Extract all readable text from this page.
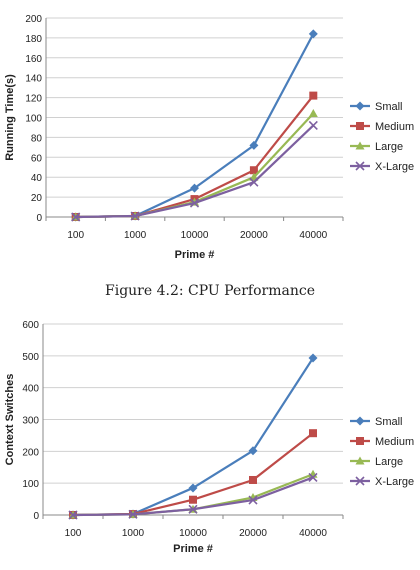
0
20
40
60
80
100
120
140
160
180
200
100	1000	10000	20000	40000
Prime #
Running Time(s)	Small
Medium
Large
X-Large
Figure 4.2: CPU Performance
0
100
200
300
400
500
600
100	1000	10000	20000	40000
Prime #
Context Switches	Small
Medium
Large
X-Large
